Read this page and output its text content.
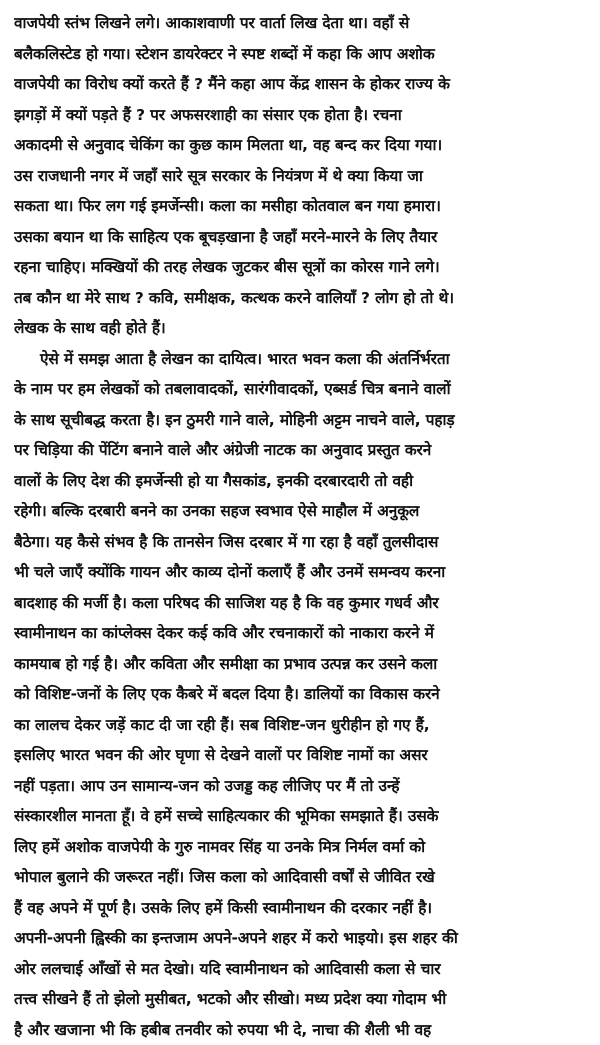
वाजपेयी स्तंभ लिखने लगे। आकाशवाणी पर वार्ता लिख देता था। वहाँ से
बलैकलिस्टेड हो गया। स्टेशन डायरेक्टर ने स्पष्ट शब्दों में कहा कि आप अशोक
वाजपेयी का विरोध क्यों करते हैं ? मैंने कहा आप केंद्र शासन के होकर राज्य के
झगड़ों में क्यों पड़ते हैं ? पर अफसरशाही का संसार एक होता है। रचना
अकादमी से अनुवाद चेकिंग का कुछ काम मिलता था, वह बन्द कर दिया गया।
उस राजधानी नगर में जहाँ सारे सूत्र सरकार के नियंत्रण में थे क्या किया जा
सकता था। फिर लग गई इमर्जेन्सी। कला का मसीहा कोतवाल बन गया हमारा।
उसका बयान था कि साहित्य एक बूचड़खाना है जहाँ मरने-मारने के लिए तैयार
रहना चाहिए। मक्खियों की तरह लेखक जुटकर बीस सूत्रों का कोरस गाने लगे।
तब कौन था मेरे साथ ? कवि, समीक्षक, कत्थक करने वालियाँ ? लोग हो तो थे।
लेखक के साथ वही होते हैं।
ऐसे में समझ आता है लेखन का दायित्व। भारत भवन कला की अंतर्निर्भरता
के नाम पर हम लेखकों को तबलावादकों, सारंगीवादकों, एब्सर्ड चित्र बनाने वालों
के साथ सूचीबद्ध करता है। इन ठुमरी गाने वाले, मोहिनी अट्टम नाचने वाले, पहाड़
पर चिड़िया की पेंटिंग बनाने वाले और अंग्रेजी नाटक का अनुवाद प्रस्तुत करने
वालों के लिए देश की इमर्जेन्सी हो या गैसकांड, इनकी दरबारदारी तो वही
रहेगी। बल्कि दरबारी बनने का उनका सहज स्वभाव ऐसे माहौल में अनुकूल
बैठेगा। यह कैसे संभव है कि तानसेन जिस दरबार में गा रहा है वहाँ तुलसीदास
भी चले जाएँ क्योंकि गायन और काव्य दोनों कलाएँ हैं और उनमें समन्वय करना
बादशाह की मर्जी है। कला परिषद की साजिश यह है कि वह कुमार गधर्व और
स्वामीनाथन का कांप्लेक्स देकर कई कवि और रचनाकारों को नाकारा करने में
कामयाब हो गई है। और कविता और समीक्षा का प्रभाव उत्पन्न कर उसने कला
को विशिष्ट-जनों के लिए एक कैबरे में बदल दिया है। डालियों का विकास करने
का लालच देकर जड़ें काट दी जा रही हैं। सब विशिष्ट-जन धुरीहीन हो गए हैं,
इसलिए भारत भवन की ओर घृणा से देखने वालों पर विशिष्ट नामों का असर
नहीं पड़ता। आप उन सामान्य-जन को उजड्ड कह लीजिए पर मैं तो उन्हें
संस्कारशील मानता हूँ। वे हमें सच्चे साहित्यकार की भूमिका समझाते हैं। उसके
लिए हमें अशोक वाजपेयी के गुरु नामवर सिंह या उनके मित्र निर्मल वर्मा को
भोपाल बुलाने की जरूरत नहीं। जिस कला को आदिवासी वर्षों से जीवित रखे
हैं वह अपने में पूर्ण है। उसके लिए हमें किसी स्वामीनाथन की दरकार नहीं है।
अपनी-अपनी ह्विस्की का इन्तजाम अपने-अपने शहर में करो भाइयो। इस शहर की
ओर ललचाई आँखों से मत देखो। यदि स्वामीनाथन को आदिवासी कला से चार
तत्त्व सीखने हैं तो झेलो मुसीबत, भटको और सीखो। मध्य प्रदेश क्या गोदाम भी
है और खजाना भी कि हबीब तनवीर को रुपया भी दे, नाचा की शैली भी वह
